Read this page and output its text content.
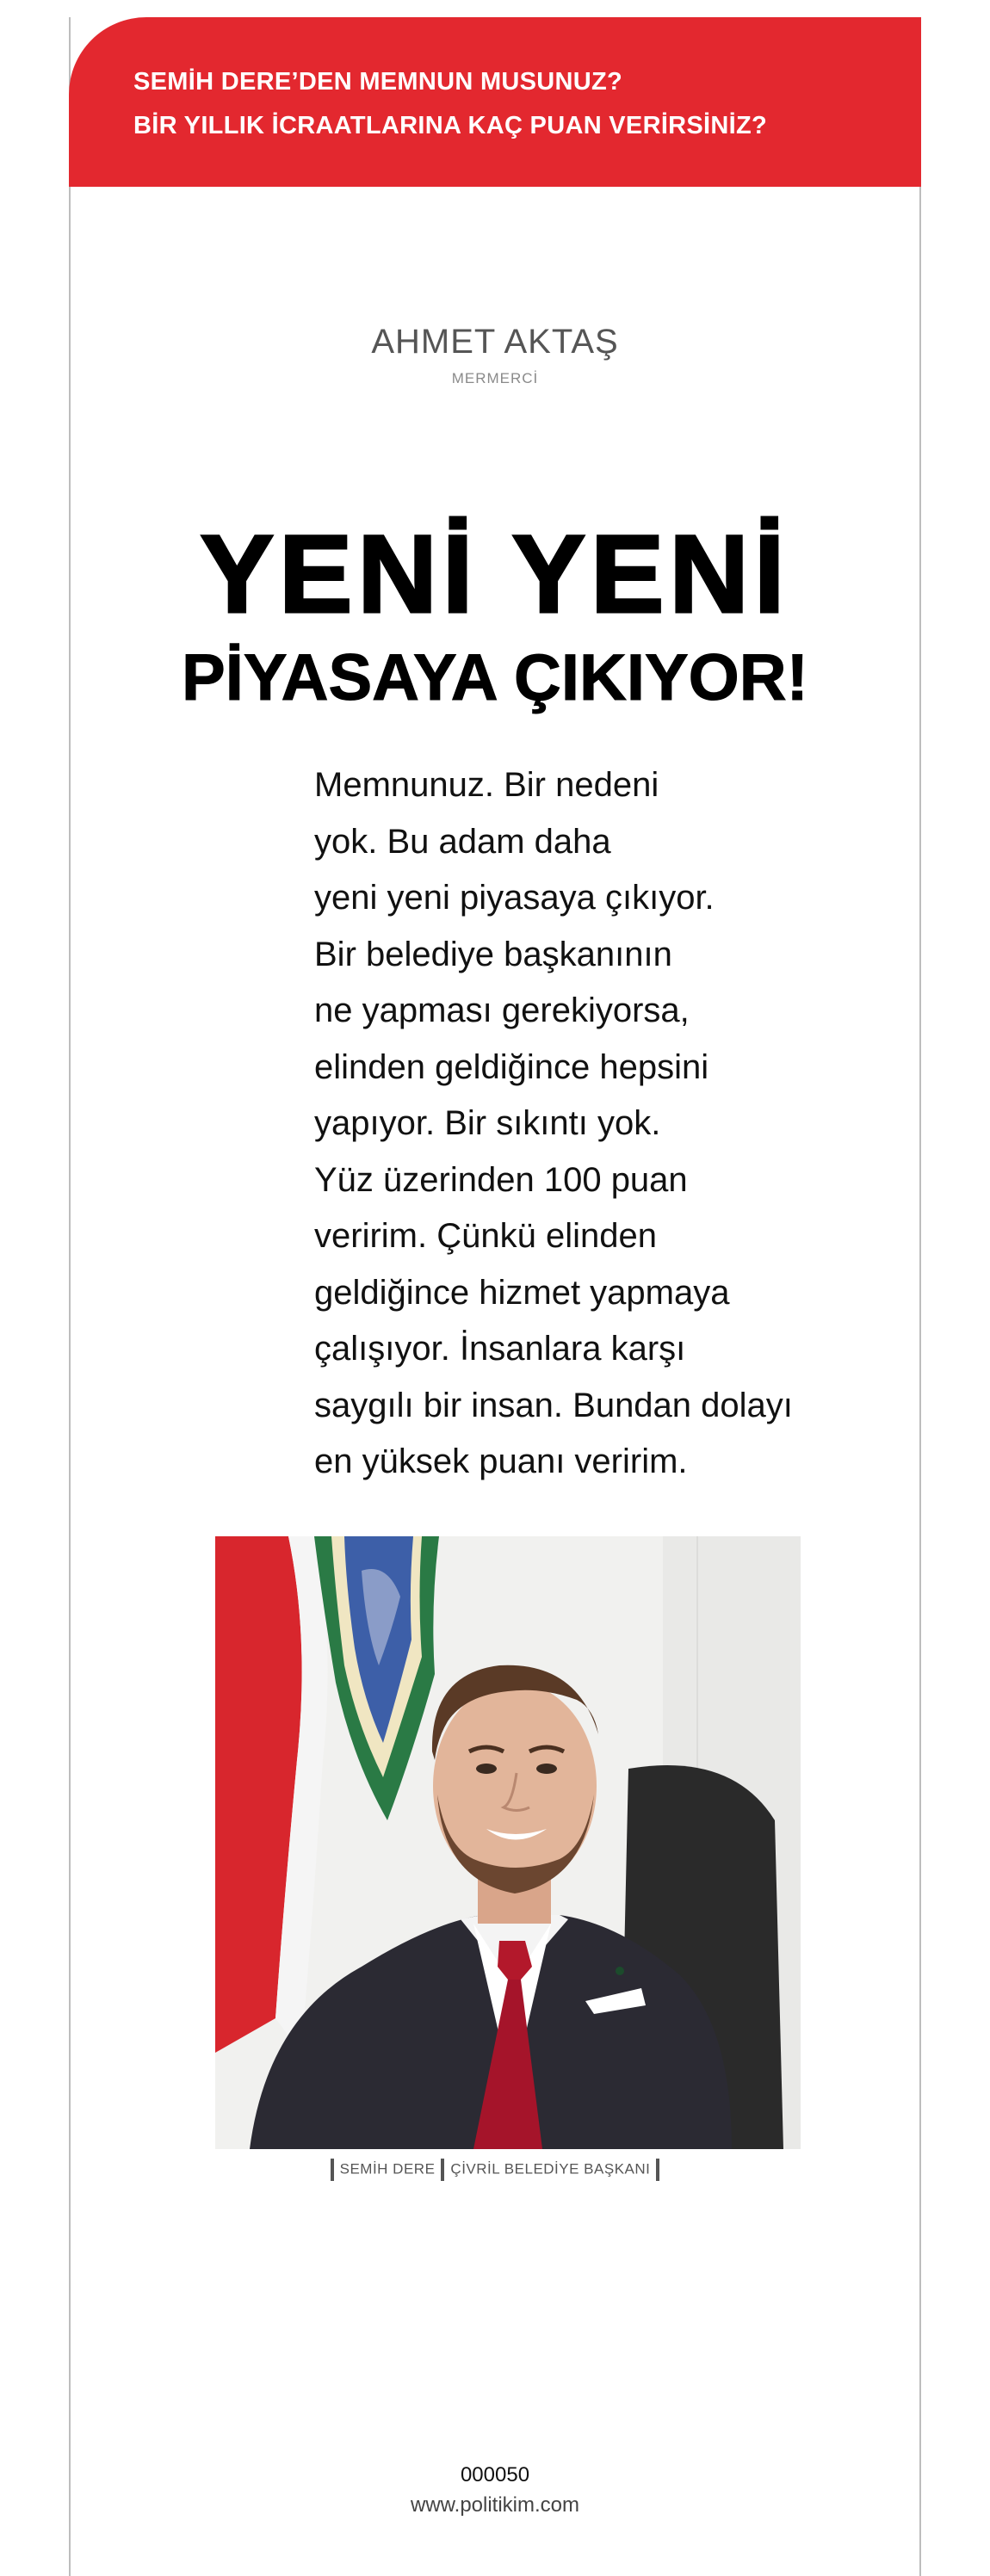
SEMİH DERE’DEN MEMNUN MUSUNUZ?
BİR YILLIK İCRAATLARINA KAÇ PUAN VERİRSİNİZ?
AHMET AKTAŞ
MERMERCİ
YENİ YENİ
PİYASAYA ÇIKIYOR!
Memnunuz. Bir nedeni
yok. Bu adam daha
yeni yeni piyasaya çıkıyor.
Bir belediye başkanının
ne yapması gerekiyorsa,
elinden geldiğince hepsini
yapıyor. Bir sıkıntı yok.
Yüz üzerinden 100 puan
veririm. Çünkü elinden
geldiğince hizmet yapmaya
çalışıyor. İnsanlara karşı
saygılı bir insan. Bundan dolayı
en yüksek puanı veririm.
SEMİH DERE ÇİVRİL BELEDİYE BAŞKANI
000050
www.politikim.com
